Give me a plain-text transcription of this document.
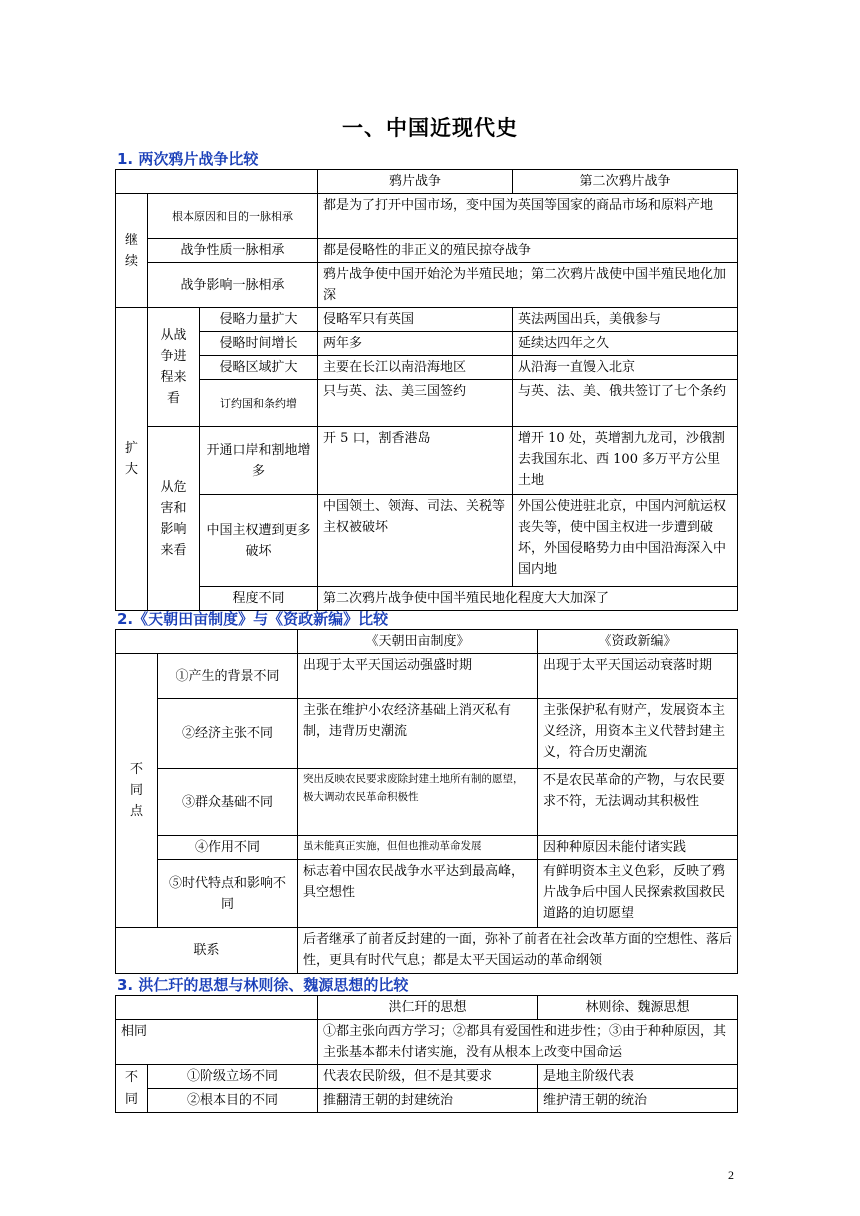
一、中国近现代史
1. 两次鸦片战争比较
			鸦片战争	第二次鸦片战争
继
续	根本原因和目的一脉相承		都是为了打开中国市场，变中国为英国等国家的商品市场和原料产地	
	战争性质一脉相承		都是侵略性的非正义的殖民掠夺战争	
	战争影响一脉相承		鸦片战争使中国开始沦为半殖民地；第二次鸦片战使中国半殖民地化加深	
扩
大	从战
争进
程来
看	侵略力量扩大	侵略军只有英国	英法两国出兵，美俄参与
		侵略时间增长	两年多	延续达四年之久
		侵略区域扩大	主要在长江以南沿海地区	从沿海一直馒入北京
		订约国和条约增	只与英、法、美三国签约	与英、法、美、俄共签订了七个条约
	从危
害和
影响
来看	开通口岸和割地增多	开 5 口，割香港岛	增开 10 处，英增割九龙司，沙俄割去我国东北、西 100 多万平方公里土地
		中国主权遭到更多破坏	中国领土、领海、司法、关税等主权被破坏	外国公使进驻北京，中国内河航运权丧失等，使中国主权进一步遭到破坏，外国侵略势力由中国沿海深入中国内地
		程度不同	第二次鸦片战争使中国半殖民地化程度大大加深了	
2.《天朝田亩制度》与《资政新编》比较
		《天朝田亩制度》	《资政新编》
不
同
点	①产生的背景不同	出现于太平天国运动强盛时期	出现于太平天国运动衰落时期
	②经济主张不同	主张在维护小农经济基础上消灭私有制，违背历史潮流	主张保护私有财产，发展资本主义经济，用资本主义代替封建主义，符合历史潮流
	③群众基础不同	突出反映农民要求废除封建土地所有制的愿望，极大调动农民革命积极性	不是农民革命的产物，与农民要求不符，无法调动其积极性
	④作用不同	虽未能真正实施，但但也推动革命发展	因种种原因未能付诸实践
	⑤时代特点和影响不同	标志着中国农民战争水平达到最高峰，具空想性	有鲜明资本主义色彩，反映了鸦片战争后中国人民探索救国救民道路的迫切愿望
联系		后者继承了前者反封建的一面，弥补了前者在社会改革方面的空想性、落后性，更具有时代气息；都是太平天国运动的革命纲领	
3. 洪仁玕的思想与林则徐、魏源思想的比较
		洪仁玕的思想	林则徐、魏源思想
相同		①都主张向西方学习；②都具有爱国性和进步性；③由于种种原因，其主张基本都未付诸实施，没有从根本上改变中国命运	
不
同	①阶级立场不同	代表农民阶级，但不是其要求	是地主阶级代表
	②根本目的不同	推翻清王朝的封建统治	维护清王朝的统治
2
